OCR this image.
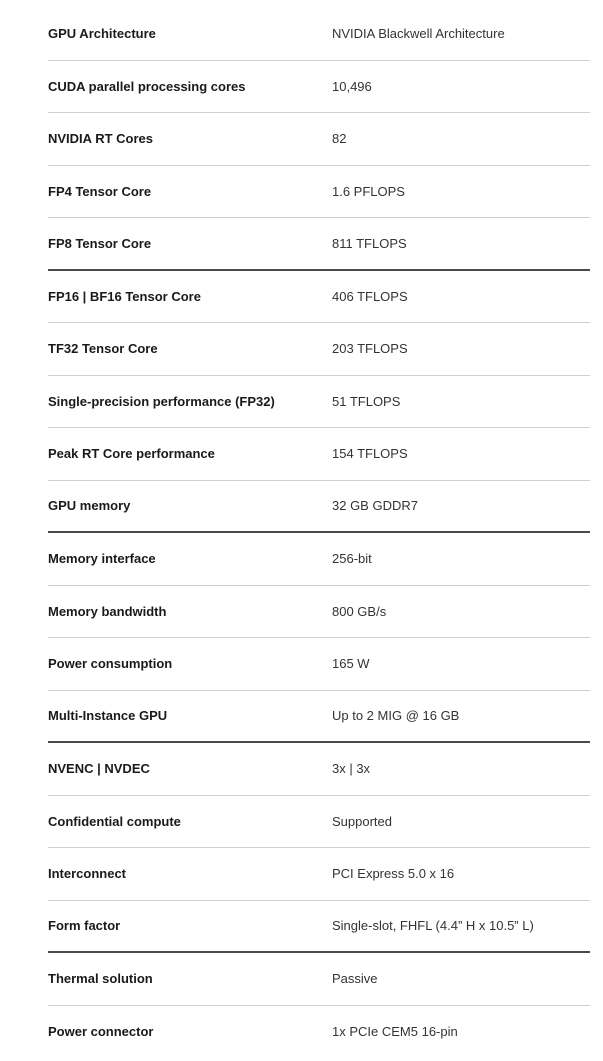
GPU Architecture	NVIDIA Blackwell Architecture
CUDA parallel processing cores	10,496
NVIDIA RT Cores	82
FP4 Tensor Core	1.6 PFLOPS
FP8 Tensor Core	811 TFLOPS
FP16 | BF16 Tensor Core	406 TFLOPS
TF32 Tensor Core	203 TFLOPS
Single-precision performance (FP32)	51 TFLOPS
Peak RT Core performance	154 TFLOPS
GPU memory	32 GB GDDR7
Memory interface	256-bit
Memory bandwidth	800 GB/s
Power consumption	165 W
Multi-Instance GPU	Up to 2 MIG @ 16 GB
NVENC | NVDEC	3x | 3x
Confidential compute	Supported
Interconnect	PCI Express 5.0 x 16
Form factor	Single-slot, FHFL (4.4” H x 10.5” L)
Thermal solution	Passive
Power connector	1x PCIe CEM5 16-pin
